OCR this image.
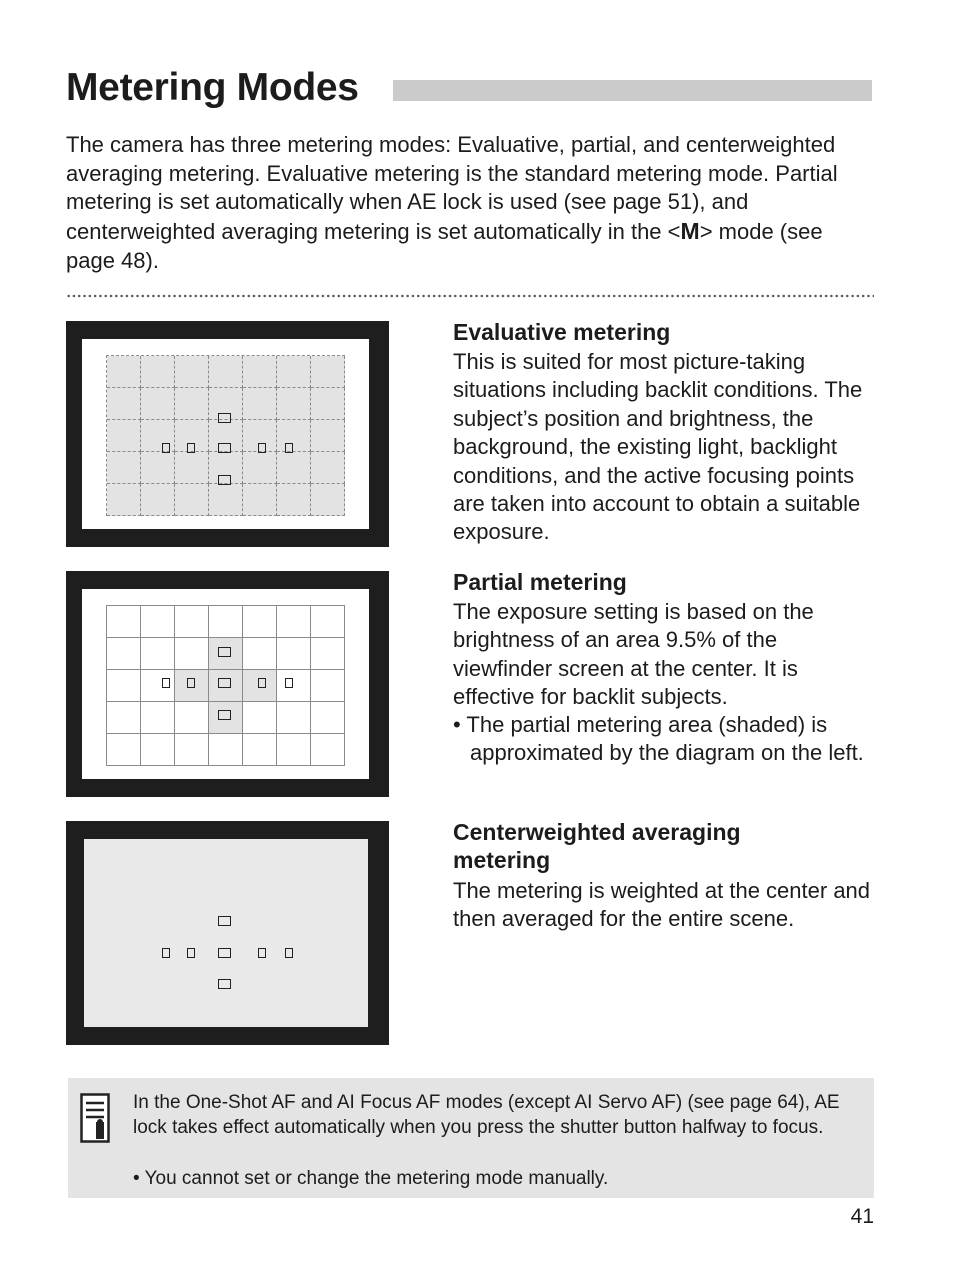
Metering Modes

The camera has three metering modes: Evaluative, partial, and centerweighted averaging metering. Evaluative metering is the standard metering mode. Partial metering is set automatically when AE lock is used (see page 51), and centerweighted averaging metering is set automatically in the <M> mode (see page 48).

Evaluative metering

This is suited for most picture-taking situations including backlit conditions. The subject’s position and brightness, the background, the existing light, backlight conditions, and the active focusing points are taken into account to obtain a suitable exposure.

Partial metering

The exposure setting is based on the brightness of an area 9.5% of the viewfinder screen at the center. It is effective for backlit subjects.

• The partial metering area (shaded) is approximated by the diagram on the left.

Centerweighted averaging
metering

The metering is weighted at the center and then averaged for the entire scene.

In the One-Shot AF and AI Focus AF modes (except AI Servo AF) (see page 64), AE lock takes effect automatically when you press the shutter button halfway to focus.

• You cannot set or change the metering mode manually.

41
